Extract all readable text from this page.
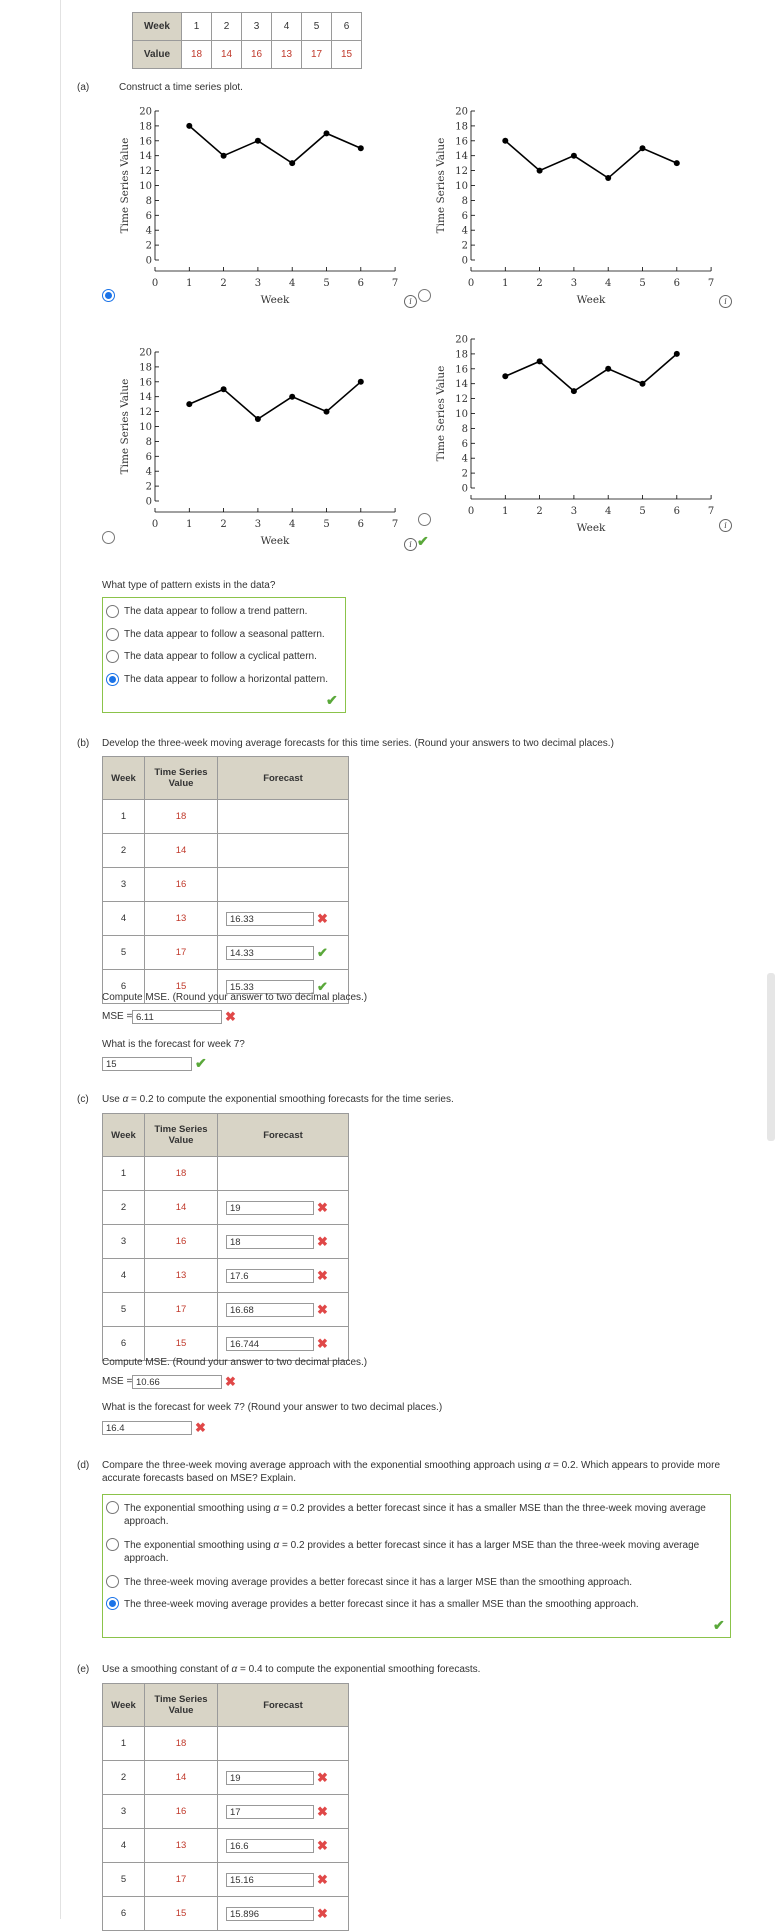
Week	1	2	3	4	5	6
Value	18	14	16	13	17	15
(a)	Construct a time series plot.
0
2
4
6
8
10
12
14
16
18
20
0	1	2	3	4	5	6	7
Time Series Value
Week
0
2
4
6
8
10
12
14
16
18
20
0	1	2	3	4	5	6	7
Time Series Value
Week
0
2
4
6
8
10
12
14
16
18
20
0	1	2	3	4	5	6	7
Time Series Value
Week
0
2
4
6
8
10
12
14
16
18
20
0	1	2	3	4	5	6	7
Time Series Value
Week
i	i
i ✔
i
What type of pattern exists in the data?
The data appear to follow a trend pattern.
The data appear to follow a seasonal pattern.
The data appear to follow a cyclical pattern.
The data appear to follow a horizontal pattern.
✔
(b) Develop the three-week moving average forecasts for this time series. (Round your answers to two decimal places.)
Week	Time Series Value	Forecast
1	18	
2	14	
3	16	
4	13	16.33 ✖
5	17	14.33 ✔
6	15	15.33 ✔
Compute MSE. (Round your answer to two decimal places.)
MSE = 6.11	✖
What is the forecast for week 7?
15	✔
(c) Use α = 0.2 to compute the exponential smoothing forecasts for the time series.
Week	Time Series Value	Forecast
1	18	
2	14	19 ✖
3	16	18 ✖
4	13	17.6 ✖
5	17	16.68 ✖
6	15	16.744 ✖
Compute MSE. (Round your answer to two decimal places.)
MSE = 10.66	✖
What is the forecast for week 7? (Round your answer to two decimal places.)
16.4	✖
(d) Compare the three-week moving average approach with the exponential smoothing approach using α = 0.2. Which appears to provide more
accurate forecasts based on MSE? Explain.
The exponential smoothing using α = 0.2 provides a better forecast since it has a smaller MSE than the three-week moving average
approach.
The exponential smoothing using α = 0.2 provides a better forecast since it has a larger MSE than the three-week moving average
approach.
The three-week moving average provides a better forecast since it has a larger MSE than the smoothing approach.
The three-week moving average provides a better forecast since it has a smaller MSE than the smoothing approach.
✔
(e) Use a smoothing constant of α = 0.4 to compute the exponential smoothing forecasts.
Week	Time Series Value	Forecast
1	18	
2	14	19 ✖
3	16	17 ✖
4	13	16.6 ✖
5	17	15.16 ✖
6	15	15.896 ✖
